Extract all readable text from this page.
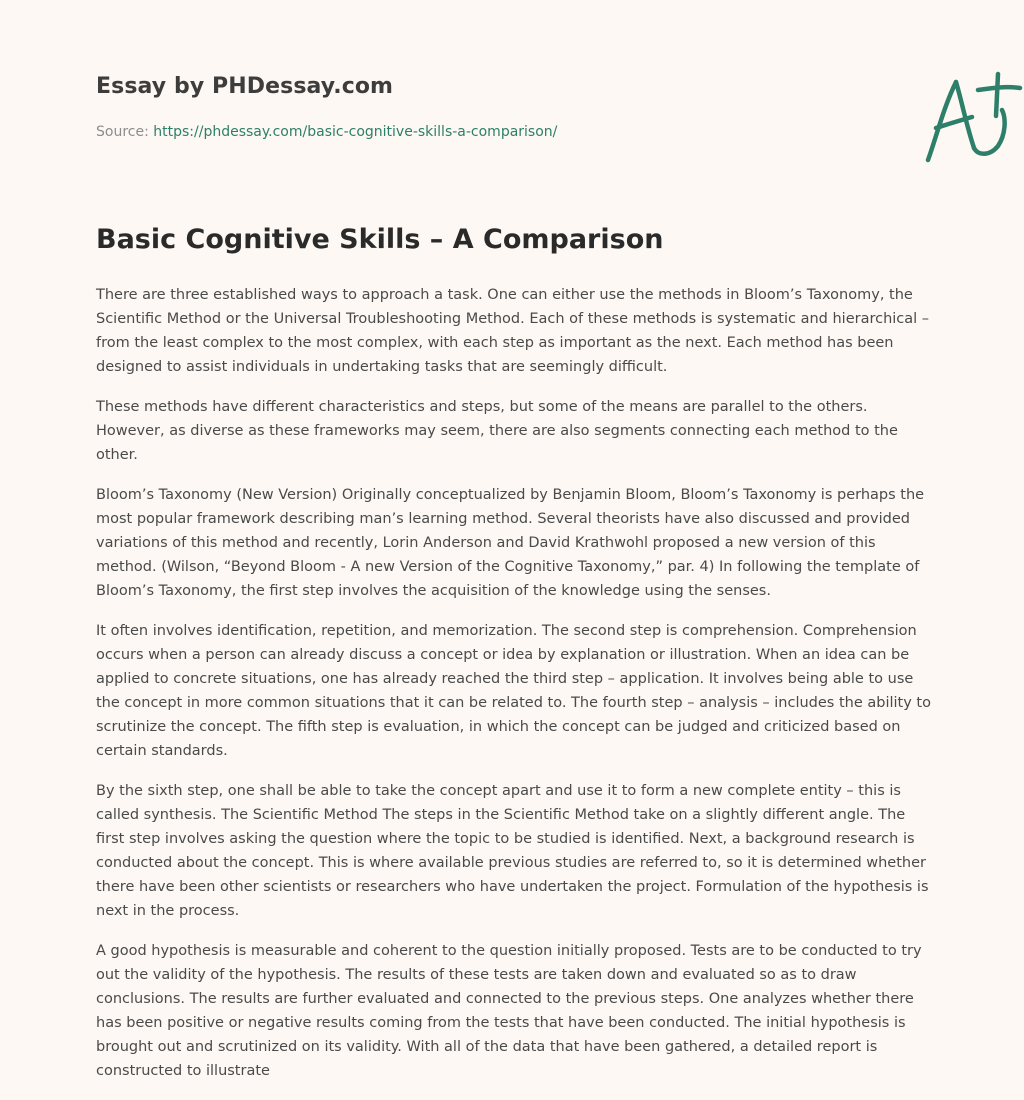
Essay by PHDessay.com
Source: https://phdessay.com/basic-cognitive-skills-a-comparison/
Basic Cognitive Skills – A Comparison

There are three established ways to approach a task. One can either use the methods in Bloom’s Taxonomy, the Scientific Method or the Universal Troubleshooting Method. Each of these methods is systematic and hierarchical – from the least complex to the most complex, with each step as important as the next. Each method has been designed to assist individuals in undertaking tasks that are seemingly difficult.

These methods have different characteristics and steps, but some of the means are parallel to the others. However, as diverse as these frameworks may seem, there are also segments connecting each method to the other.

Bloom’s Taxonomy (New Version) Originally conceptualized by Benjamin Bloom, Bloom’s Taxonomy is perhaps the most popular framework describing man’s learning method. Several theorists have also discussed and provided variations of this method and recently, Lorin Anderson and David Krathwohl proposed a new version of this method. (Wilson, “Beyond Bloom - A new Version of the Cognitive Taxonomy,” par. 4) In following the template of Bloom’s Taxonomy, the first step involves the acquisition of the knowledge using the senses.

It often involves identification, repetition, and memorization. The second step is comprehension. Comprehension occurs when a person can already discuss a concept or idea by explanation or illustration. When an idea can be applied to concrete situations, one has already reached the third step – application. It involves being able to use the concept in more common situations that it can be related to. The fourth step – analysis – includes the ability to scrutinize the concept. The fifth step is evaluation, in which the concept can be judged and criticized based on certain standards.

By the sixth step, one shall be able to take the concept apart and use it to form a new complete entity – this is called synthesis. The Scientific Method The steps in the Scientific Method take on a slightly different angle. The first step involves asking the question where the topic to be studied is identified. Next, a background research is conducted about the concept. This is where available previous studies are referred to, so it is determined whether there have been other scientists or researchers who have undertaken the project. Formulation of the hypothesis is next in the process.

A good hypothesis is measurable and coherent to the question initially proposed. Tests are to be conducted to try out the validity of the hypothesis. The results of these tests are taken down and evaluated so as to draw conclusions. The results are further evaluated and connected to the previous steps. One analyzes whether there has been positive or negative results coming from the tests that have been conducted. The initial hypothesis is brought out and scrutinized on its validity. With all of the data that have been gathered, a detailed report is constructed to illustrate
